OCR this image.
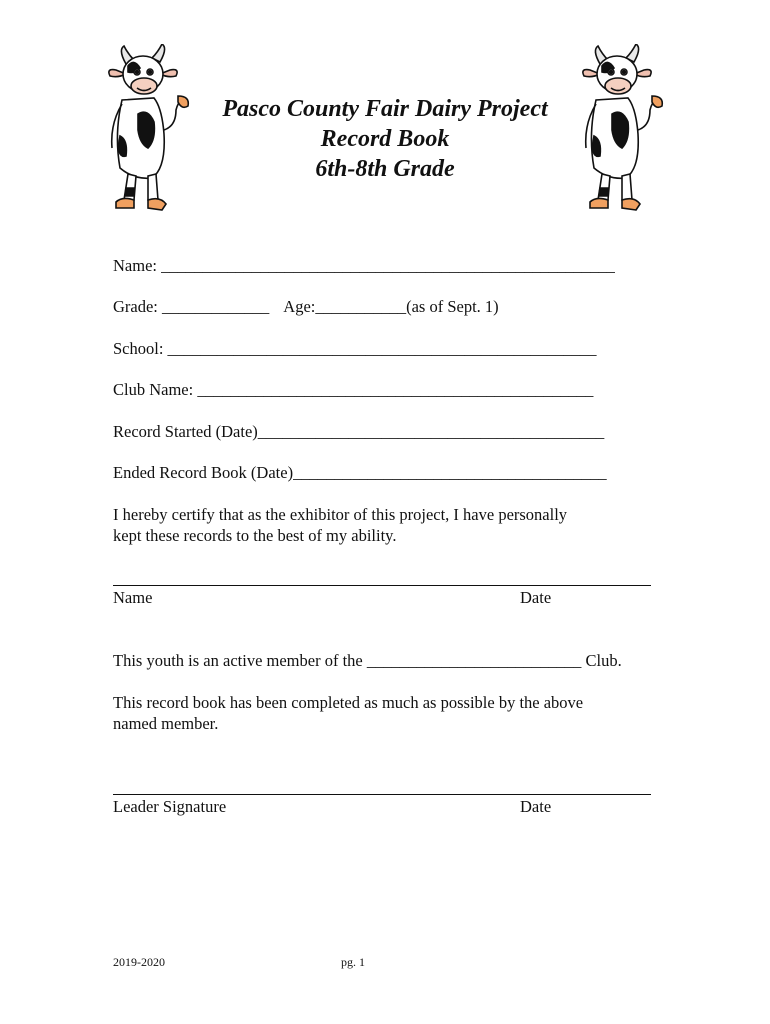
Pasco County Fair Dairy Project
Record Book
6th-8th Grade
Name: _______________________________________________________
Grade: _____________ Age:___________(as of Sept. 1)
School: ____________________________________________________
Club Name: ________________________________________________
Record Started (Date)__________________________________________
Ended Record Book (Date)______________________________________
I hereby certify that as the exhibitor of this project, I have personally
kept these records to the best of my ability.
Name	Date
This youth is an active member of the __________________________ Club.
This record book has been completed as much as possible by the above
named member.
Leader Signature	Date
2019-2020	pg. 1
